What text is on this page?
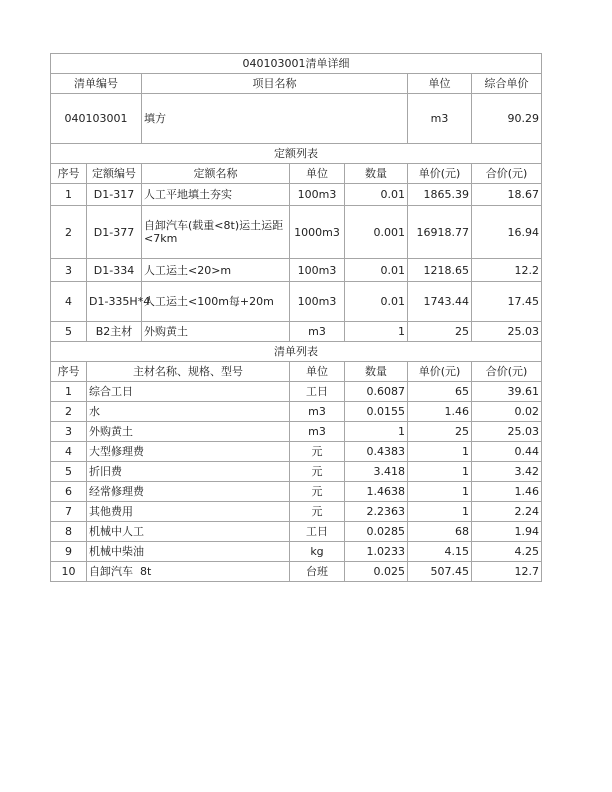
040103001清单详细						
清单编号		项目名称			单位	综合单价
040103001		填方			m3	90.29
定额列表						
序号	定额编号	定额名称	单位	数量	单价(元)	合价(元)
1	D1-317	人工平地填土夯实	100m3	0.01	1865.39	18.67
2	D1-377	自卸汽车(载重<8t)运土运距<7km	1000m3	0.001	16918.77	16.94
3	D1-334	人工运土<20>m	100m3	0.01	1218.65	12.2
4	D1-335H*4	人工运土<100m每+20m	100m3	0.01	1743.44	17.45
5	B2主材	外购黄土	m3	1	25	25.03
清单列表						
序号	主材名称、规格、型号		单位	数量	单价(元)	合价(元)
1	综合工日		工日	0.6087	65	39.61
2	水		m3	0.0155	1.46	0.02
3	外购黄土		m3	1	25	25.03
4	大型修理费		元	0.4383	1	0.44
5	折旧费		元	3.418	1	3.42
6	经常修理费		元	1.4638	1	1.46
7	其他费用		元	2.2363	1	2.24
8	机械中人工		工日	0.0285	68	1.94
9	机械中柴油		kg	1.0233	4.15	4.25
10	自卸汽车  8t		台班	0.025	507.45	12.7
